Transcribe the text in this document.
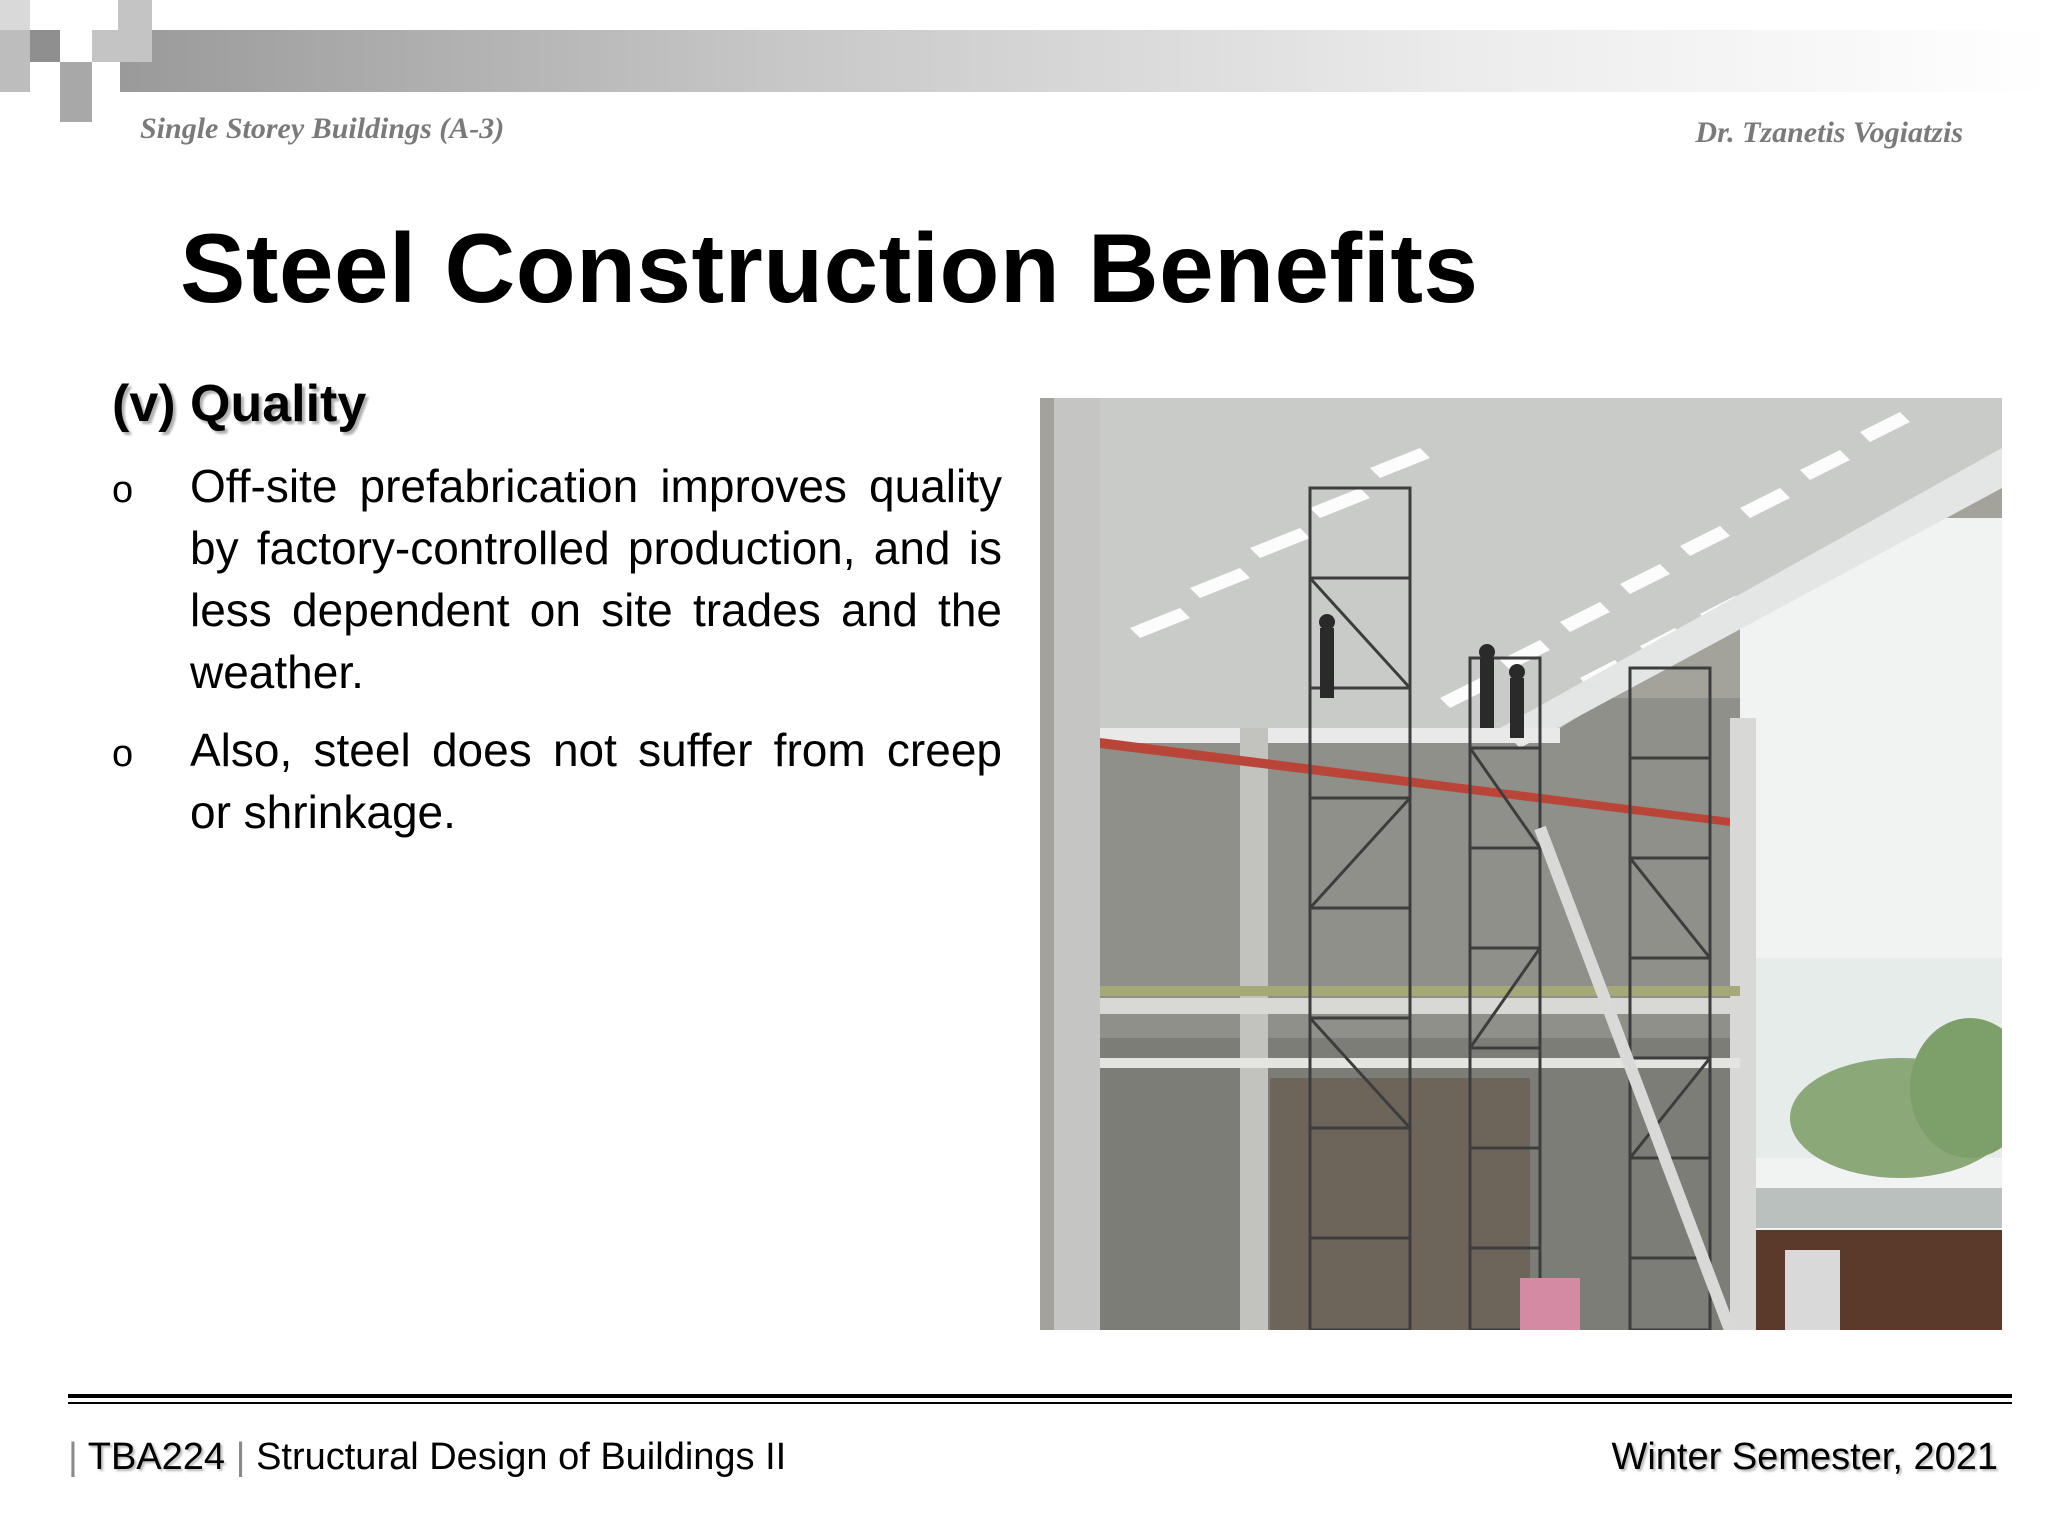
Single Storey Buildings (A-3)	Dr. Tzanetis Vogiatzis
Steel Construction Benefits
(v) Quality
o Off-site prefabrication improves quality by factory-controlled production, and is less dependent on site trades and the weather.
o Also, steel does not suffer from creep or shrinkage.
| TBA224 | Structural Design of Buildings II	Winter Semester, 2021
